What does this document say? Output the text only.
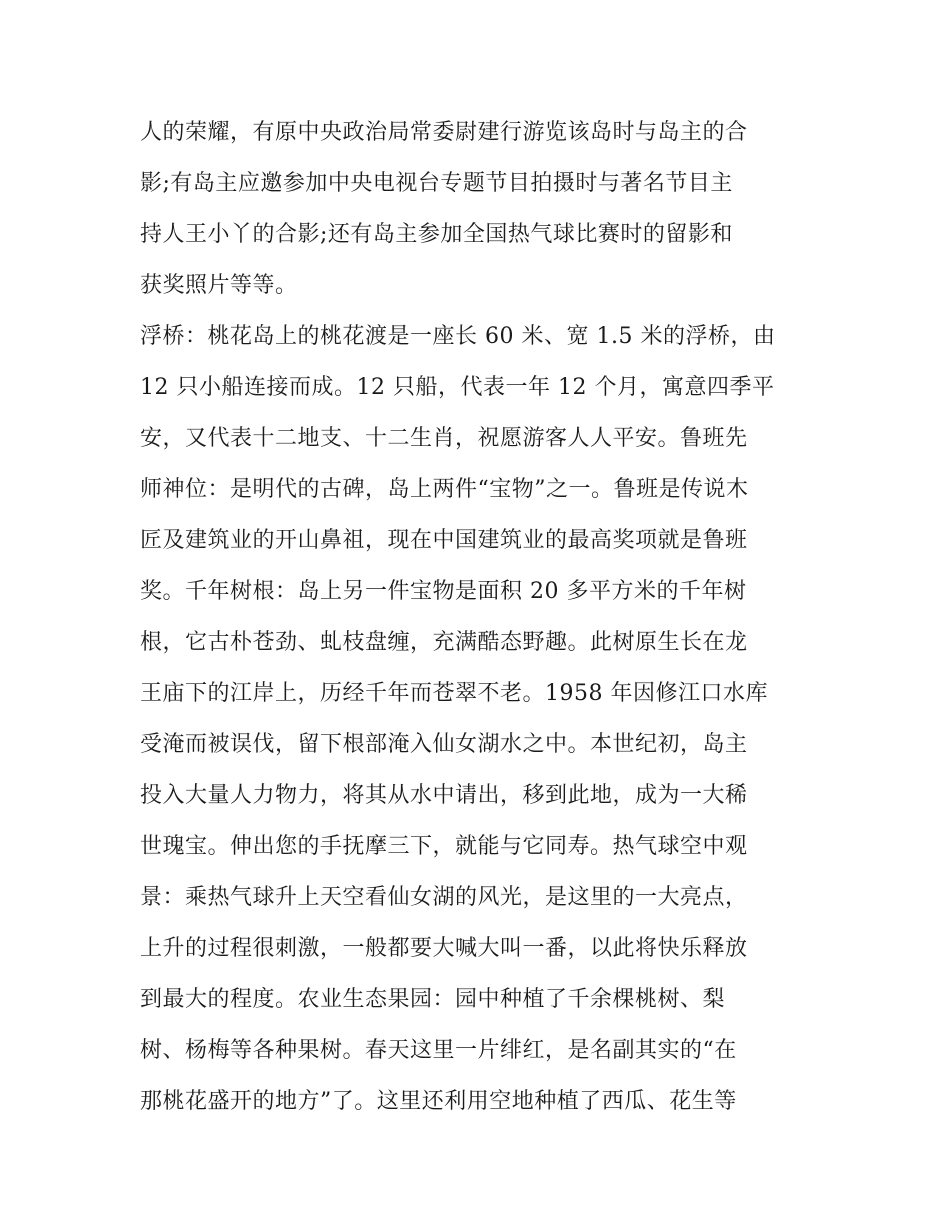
人的荣耀，有原中央政治局常委尉建行游览该岛时与岛主的合
影;有岛主应邀参加中央电视台专题节目拍摄时与著名节目主
持人王小丫的合影;还有岛主参加全国热气球比赛时的留影和
获奖照片等等。
浮桥：桃花岛上的桃花渡是一座长 60 米、宽 1.5 米的浮桥，由
12 只小船连接而成。12 只船，代表一年 12 个月，寓意四季平
安，又代表十二地支、十二生肖，祝愿游客人人平安。鲁班先
师神位：是明代的古碑，岛上两件“宝物”之一。鲁班是传说木
匠及建筑业的开山鼻祖，现在中国建筑业的最高奖项就是鲁班
奖。千年树根：岛上另一件宝物是面积 20 多平方米的千年树
根，它古朴苍劲、虬枝盘缠，充满酷态野趣。此树原生长在龙
王庙下的江岸上，历经千年而苍翠不老。1958 年因修江口水库
受淹而被误伐，留下根部淹入仙女湖水之中。本世纪初，岛主
投入大量人力物力，将其从水中请出，移到此地，成为一大稀
世瑰宝。伸出您的手抚摩三下，就能与它同寿。热气球空中观
景：乘热气球升上天空看仙女湖的风光，是这里的一大亮点，
上升的过程很刺激，一般都要大喊大叫一番，以此将快乐释放
到最大的程度。农业生态果园：园中种植了千余棵桃树、梨
树、杨梅等各种果树。春天这里一片绯红，是名副其实的“在
那桃花盛开的地方”了。这里还利用空地种植了西瓜、花生等
